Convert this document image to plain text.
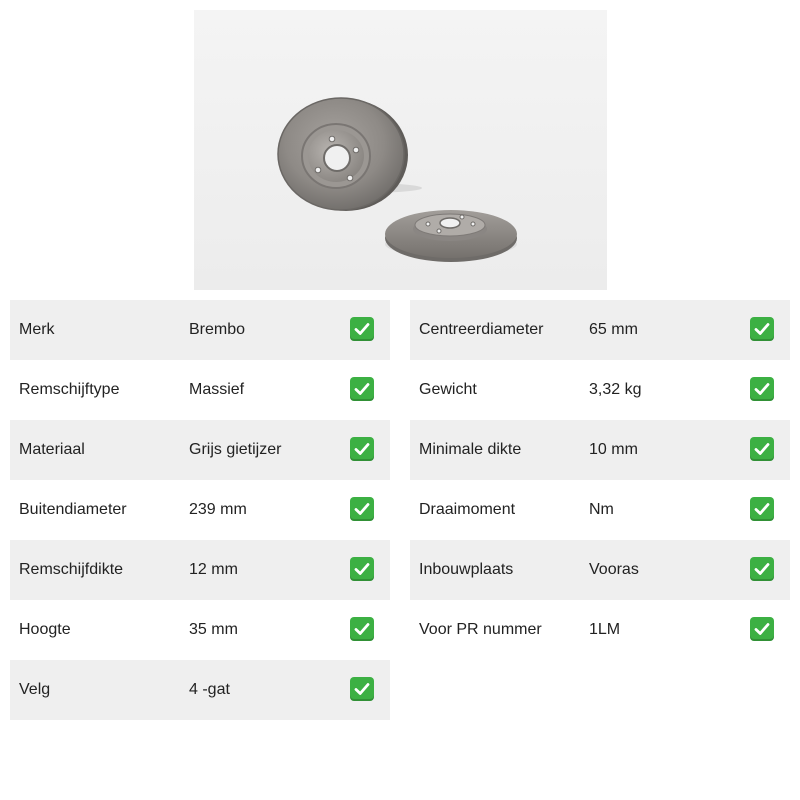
Merk	Brembo
Remschijftype	Massief
Materiaal	Grijs gietijzer
Buitendiameter	239 mm
Remschijfdikte	12 mm
Hoogte	35 mm
Velg	4 -gat
Centreerdiameter	65 mm
Gewicht	3,32 kg
Minimale dikte	10 mm
Draaimoment	Nm
Inbouwplaats	Vooras
Voor PR nummer	1LM
